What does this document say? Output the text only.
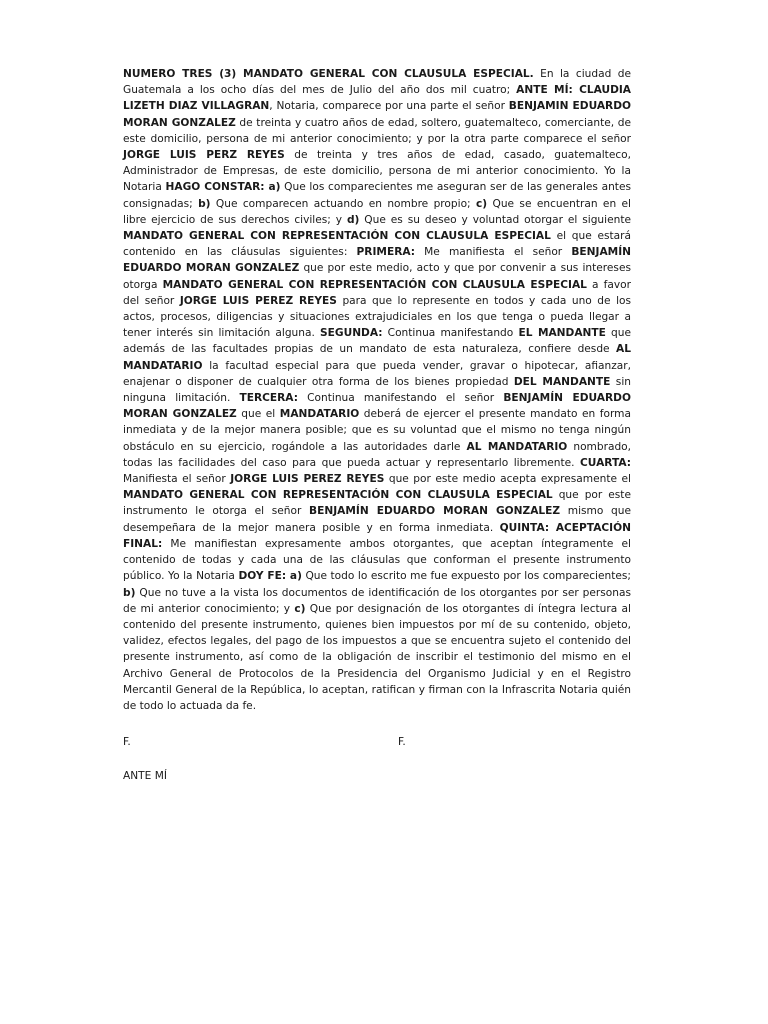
NUMERO TRES (3) MANDATO GENERAL CON CLAUSULA ESPECIAL. En la ciudad de Guatemala a los ocho días del mes de Julio del año dos mil cuatro; ANTE MÍ: CLAUDIA LIZETH DIAZ VILLAGRAN, Notaria, comparece por una parte el señor BENJAMIN EDUARDO MORAN GONZALEZ de treinta y cuatro años de edad, soltero, guatemalteco, comerciante, de este domicilio, persona de mi anterior conocimiento; y por la otra parte comparece el señor JORGE LUIS PERZ REYES de treinta y tres años de edad, casado, guatemalteco, Administrador de Empresas, de este domicilio, persona de mi anterior conocimiento. Yo la Notaria HAGO CONSTAR: a) Que los comparecientes me aseguran ser de las generales antes consignadas; b) Que comparecen actuando en nombre propio; c) Que se encuentran en el libre ejercicio de sus derechos civiles; y d) Que es su deseo y voluntad otorgar el siguiente MANDATO GENERAL CON REPRESENTACIÓN CON CLAUSULA ESPECIAL el que estará contenido en las cláusulas siguientes: PRIMERA: Me manifiesta el señor BENJAMÍN EDUARDO MORAN GONZALEZ que por este medio, acto y que por convenir a sus intereses otorga MANDATO GENERAL CON REPRESENTACIÓN CON CLAUSULA ESPECIAL a favor del señor JORGE LUIS PEREZ REYES para que lo represente en todos y cada uno de los actos, procesos, diligencias y situaciones extrajudiciales en los que tenga o pueda llegar a tener interés sin limitación alguna. SEGUNDA: Continua manifestando EL MANDANTE que además de las facultades propias de un mandato de esta naturaleza, confiere desde AL MANDATARIO la facultad especial para que pueda vender, gravar o hipotecar, afianzar, enajenar o disponer de cualquier otra forma de los bienes propiedad DEL MANDANTE sin ninguna limitación. TERCERA: Continua manifestando el señor BENJAMÍN EDUARDO MORAN GONZALEZ que el MANDATARIO deberá de ejercer el presente mandato en forma inmediata y de la mejor manera posible; que es su voluntad que el mismo no tenga ningún obstáculo en su ejercicio, rogándole a las autoridades darle AL MANDATARIO nombrado, todas las facilidades del caso para que pueda actuar y representarlo libremente. CUARTA: Manifiesta el señor JORGE LUIS PEREZ REYES que por este medio acepta expresamente el MANDATO GENERAL CON REPRESENTACIÓN CON CLAUSULA ESPECIAL que por este instrumento le otorga el señor BENJAMÍN EDUARDO MORAN GONZALEZ mismo que desempeñara de la mejor manera posible y en forma inmediata. QUINTA: ACEPTACIÓN FINAL: Me manifiestan expresamente ambos otorgantes, que aceptan íntegramente el contenido de todas y cada una de las cláusulas que conforman el presente instrumento público. Yo la Notaria DOY FE: a) Que todo lo escrito me fue expuesto por los comparecientes; b) Que no tuve a la vista los documentos de identificación de los otorgantes por ser personas de mi anterior conocimiento; y c) Que por designación de los otorgantes di íntegra lectura al contenido del presente instrumento, quienes bien impuestos por mí de su contenido, objeto, validez, efectos legales, del pago de los impuestos a que se encuentra sujeto el contenido del presente instrumento, así como de la obligación de inscribir el testimonio del mismo en el Archivo General de Protocolos de la Presidencia del Organismo Judicial y en el Registro Mercantil General de la República, lo aceptan, ratifican y firman con la Infrascrita Notaria quién de todo lo actuada da fe.

F.	F.
ANTE MÍ
